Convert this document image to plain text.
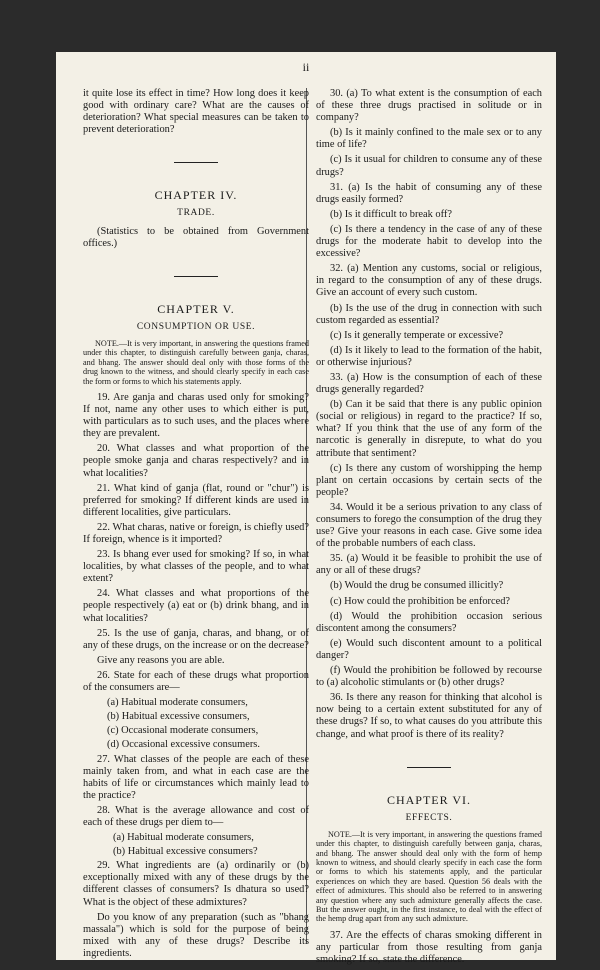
ii

it quite lose its effect in time? How long does it keep good with ordinary care? What are the causes of deterioration? What special measures can be taken to prevent deterioration?

CHAPTER IV.
TRADE.

(Statistics to be obtained from Government offices.)

CHAPTER V.
CONSUMPTION OR USE.

NOTE.—It is very important, in answering the questions framed under this chapter, to distinguish carefully between ganja, charas, and bhang. The answer should deal only with those forms of the drug known to the witness, and should clearly specify in each case the form or forms to which his statements apply.

19. Are ganja and charas used only for smoking? If not, name any other uses to which either is put, with particulars as to such uses, and the places where they are prevalent.

20. What classes and what proportion of the people smoke ganja and charas respectively? and in what localities?

21. What kind of ganja (flat, round or "chur") is preferred for smoking? If different kinds are used in different localities, give particulars.

22. What charas, native or foreign, is chiefly used? If foreign, whence is it imported?

23. Is bhang ever used for smoking? If so, in what localities, by what classes of the people, and to what extent?

24. What classes and what proportions of the people respectively (a) eat or (b) drink bhang, and in what localities?

25. Is the use of ganja, charas, and bhang, or of any of these drugs, on the increase or on the decrease?

Give any reasons you are able.

26. State for each of these drugs what proportion of the consumers are—

(a) Habitual moderate consumers,

(b) Habitual excessive consumers,

(c) Occasional moderate consumers,

(d) Occasional excessive consumers.

27. What classes of the people are each of these mainly taken from, and what in each case are the habits of life or circumstances which mainly lead to the practice?

28. What is the average allowance and cost of each of these drugs per diem to—

(a) Habitual moderate consumers,

(b) Habitual excessive consumers?

29. What ingredients are (a) ordinarily or (b) exceptionally mixed with any of these drugs by the different classes of consumers? Is dhatura so used? What is the object of these admixtures?

Do you know of any preparation (such as "bhang massala") which is sold for the purpose of being mixed with any of these drugs? Describe its ingredients.

30. (a) To what extent is the consumption of each of these three drugs practised in solitude or in company?

(b) Is it mainly confined to the male sex or to any time of life?

(c) Is it usual for children to consume any of these drugs?

31. (a) Is the habit of consuming any of these drugs easily formed?

(b) Is it difficult to break off?

(c) Is there a tendency in the case of any of these drugs for the moderate habit to develop into the excessive?

32. (a) Mention any customs, social or religious, in regard to the consumption of any of these drugs. Give an account of every such custom.

(b) Is the use of the drug in connection with such custom regarded as essential?

(c) Is it generally temperate or excessive?

(d) Is it likely to lead to the formation of the habit, or otherwise injurious?

33. (a) How is the consumption of each of these drugs generally regarded?

(b) Can it be said that there is any public opinion (social or religious) in regard to the practice? If so, what? If you think that the use of any form of the narcotic is generally in disrepute, to what do you attribute that sentiment?

(c) Is there any custom of worshipping the hemp plant on certain occasions by certain sects of the people?

34. Would it be a serious privation to any class of consumers to forego the consumption of the drug they use? Give your reasons in each case. Give some idea of the probable numbers of each class.

35. (a) Would it be feasible to prohibit the use of any or all of these drugs?

(b) Would the drug be consumed illicitly?

(c) How could the prohibition be enforced?

(d) Would the prohibition occasion serious discontent among the consumers?

(e) Would such discontent amount to a political danger?

(f) Would the prohibition be followed by recourse to (a) alcoholic stimulants or (b) other drugs?

36. Is there any reason for thinking that alcohol is now being to a certain extent substituted for any of these drugs? If so, to what causes do you attribute this change, and what proof is there of its reality?

CHAPTER VI.
EFFECTS.

NOTE.—It is very important, in answering the questions framed under this chapter, to distinguish carefully between ganja, charas, and bhang. The answer should deal only with the form of hemp known to witness, and should clearly specify in each case the form or forms to which his statements apply, and the particular experiences on which they are based. Question 56 deals with the effect of admixtures. This should also be referred to in answering any question where any such admixture generally affects the case. But the answer ought, in the first instance, to deal with the effect of the hemp drug apart from any such admixture.

37. Are the effects of charas smoking different in any particular from those resulting from ganja smoking? If so, state the difference.
